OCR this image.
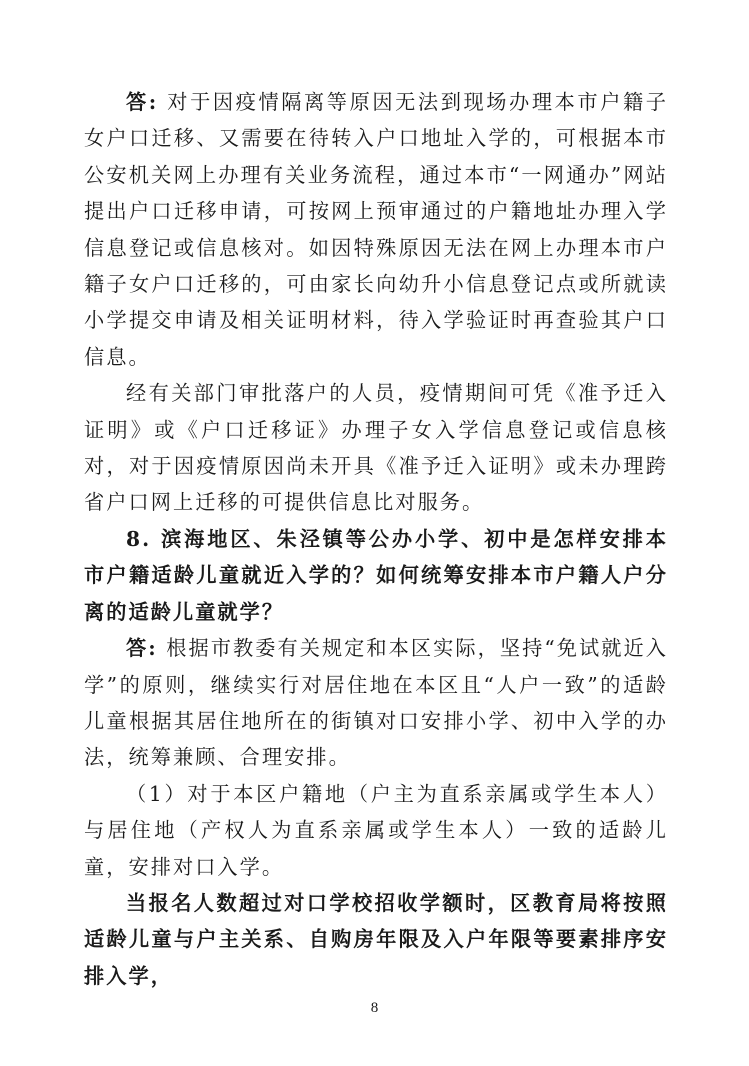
答: 对于因疫情隔离等原因无法到现场办理本市户籍子女户口迁移、又需要在待转入户口地址入学的，可根据本市公安机关网上办理有关业务流程，通过本市“一网通办”网站提出户口迁移申请，可按网上预审通过的户籍地址办理入学信息登记或信息核对。如因特殊原因无法在网上办理本市户籍子女户口迁移的，可由家长向幼升小信息登记点或所就读小学提交申请及相关证明材料，待入学验证时再查验其户口信息。

经有关部门审批落户的人员，疫情期间可凭《准予迁入证明》或《户口迁移证》办理子女入学信息登记或信息核对，对于因疫情原因尚未开具《准予迁入证明》或未办理跨省户口网上迁移的可提供信息比对服务。

8. 滨海地区、朱泾镇等公办小学、初中是怎样安排本市户籍适龄儿童就近入学的？如何统筹安排本市户籍人户分离的适龄儿童就学？

答: 根据市教委有关规定和本区实际，坚持“免试就近入学”的原则，继续实行对居住地在本区且“人户一致”的适龄儿童根据其居住地所在的街镇对口安排小学、初中入学的办法，统筹兼顾、合理安排。

（1）对于本区户籍地（户主为直系亲属或学生本人）与居住地（产权人为直系亲属或学生本人）一致的适龄儿童，安排对口入学。

当报名人数超过对口学校招收学额时，区教育局将按照适龄儿童与户主关系、自购房年限及入户年限等要素排序安排入学，

8
